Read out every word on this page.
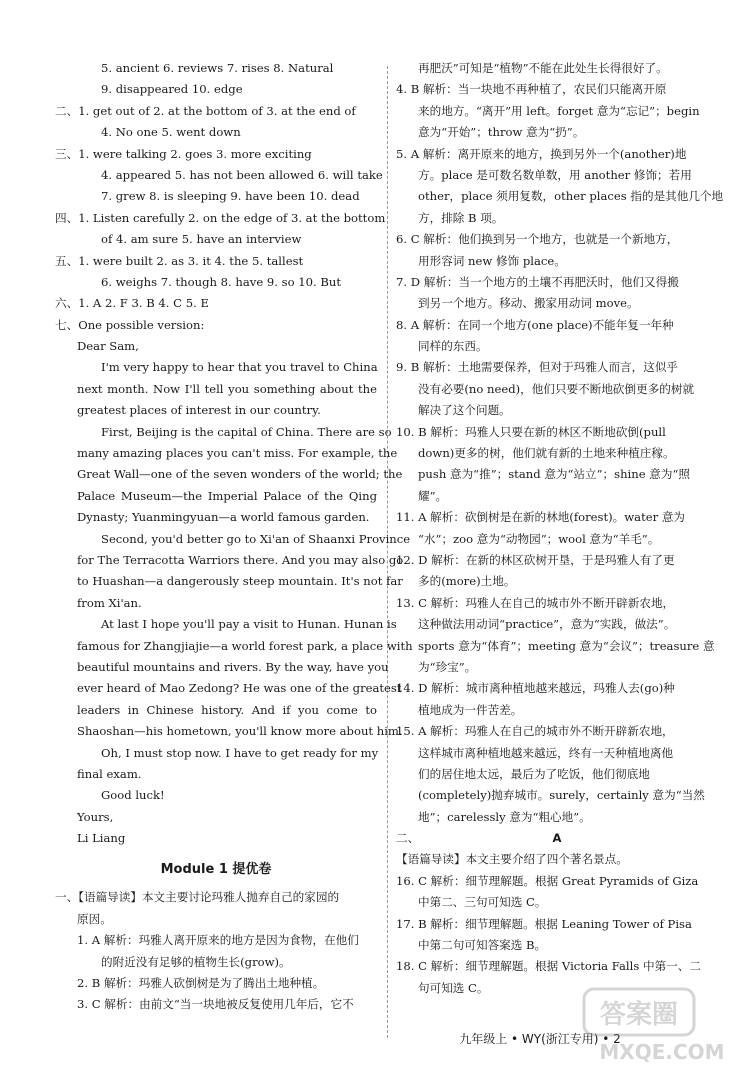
5. ancient 6. reviews 7. rises 8. Natural
9. disappeared 10. edge
二、1. get out of 2. at the bottom of 3. at the end of
4. No one 5. went down
三、1. were talking 2. goes 3. more exciting
4. appeared 5. has not been allowed 6. will take
7. grew 8. is sleeping 9. have been 10. dead
四、1. Listen carefully 2. on the edge of 3. at the bottom
of 4. am sure 5. have an interview
五、1. were built 2. as 3. it 4. the 5. tallest
6. weighs 7. though 8. have 9. so 10. But
六、1. A 2. F 3. B 4. C 5. E
七、One possible version:
Dear Sam,
I'm very happy to hear that you travel to China
next month. Now I'll tell you something about the
greatest places of interest in our country.
First, Beijing is the capital of China. There are so
many amazing places you can't miss. For example, the
Great Wall—one of the seven wonders of the world; the
Palace Museum—the Imperial Palace of the Qing
Dynasty; Yuanmingyuan—a world famous garden.
Second, you'd better go to Xi'an of Shaanxi Province
for The Terracotta Warriors there. And you may also go
to Huashan—a dangerously steep mountain. It's not far
from Xi'an.
At last I hope you'll pay a visit to Hunan. Hunan is
famous for Zhangjiajie—a world forest park, a place with
beautiful mountains and rivers. By the way, have you
ever heard of Mao Zedong? He was one of the greatest
leaders in Chinese history. And if you come to
Shaoshan—his hometown, you'll know more about him.
Oh, I must stop now. I have to get ready for my
final exam.
Good luck!
Yours,
Li Liang
Module 1 提优卷
一、【语篇导读】本文主要讨论玛雅人抛弃自己的家园的
原因。
1. A 解析：玛雅人离开原来的地方是因为食物，在他们
的附近没有足够的植物生长(grow)。
2. B 解析：玛雅人砍倒树是为了腾出土地种植。
3. C 解析：由前文“当一块地被反复使用几年后，它不
再肥沃”可知是“植物”不能在此处生长得很好了。
4. B 解析：当一块地不再种植了，农民们只能离开原
来的地方。“离开”用 left。forget 意为“忘记”；begin
意为“开始”；throw 意为“扔”。
5. A 解析：离开原来的地方，换到另外一个(another)地
方。place 是可数名数单数，用 another 修饰；若用
other，place 须用复数，other places 指的是其他几个地
方，排除 B 项。
6. C 解析：他们换到另一个地方，也就是一个新地方，
用形容词 new 修饰 place。
7. D 解析：当一个地方的土壤不再肥沃时，他们又得搬
到另一个地方。移动、搬家用动词 move。
8. A 解析：在同一个地方(one place)不能年复一年种
同样的东西。
9. B 解析：土地需要保养，但对于玛雅人而言，这似乎
没有必要(no need)，他们只要不断地砍倒更多的树就
解决了这个问题。
10. B 解析：玛雅人只要在新的林区不断地砍倒(pull
down)更多的树，他们就有新的土地来种植庄稼。
push 意为“推”；stand 意为“站立”；shine 意为“照
耀”。
11. A 解析：砍倒树是在新的林地(forest)。water 意为
“水”；zoo 意为“动物园”；wool 意为“羊毛”。
12. D 解析：在新的林区砍树开垦，于是玛雅人有了更
多的(more)土地。
13. C 解析：玛雅人在自己的城市外不断开辟新农地，
这种做法用动词“practice”，意为“实践，做法”。
sports 意为“体育”；meeting 意为“会议”；treasure 意
为“珍宝”。
14. D 解析：城市离种植地越来越远，玛雅人去(go)种
植地成为一件苦差。
15. A 解析：玛雅人在自己的城市外不断开辟新农地，
这样城市离种植地越来越远，终有一天种植地离他
们的居住地太远，最后为了吃饭，他们彻底地
(completely)抛弃城市。surely，certainly 意为“当然
地”；carelessly 意为“粗心地”。
二、	A
【语篇导读】本文主要介绍了四个著名景点。
16. C 解析：细节理解题。根据 Great Pyramids of Giza
中第二、三句可知选 C。
17. B 解析：细节理解题。根据 Leaning Tower of Pisa
中第二句可知答案选 B。
18. C 解析：细节理解题。根据 Victoria Falls 中第一、二
句可知选 C。
九年级上 • WY(浙江专用) • 2
答案圈
MXQE.COM
